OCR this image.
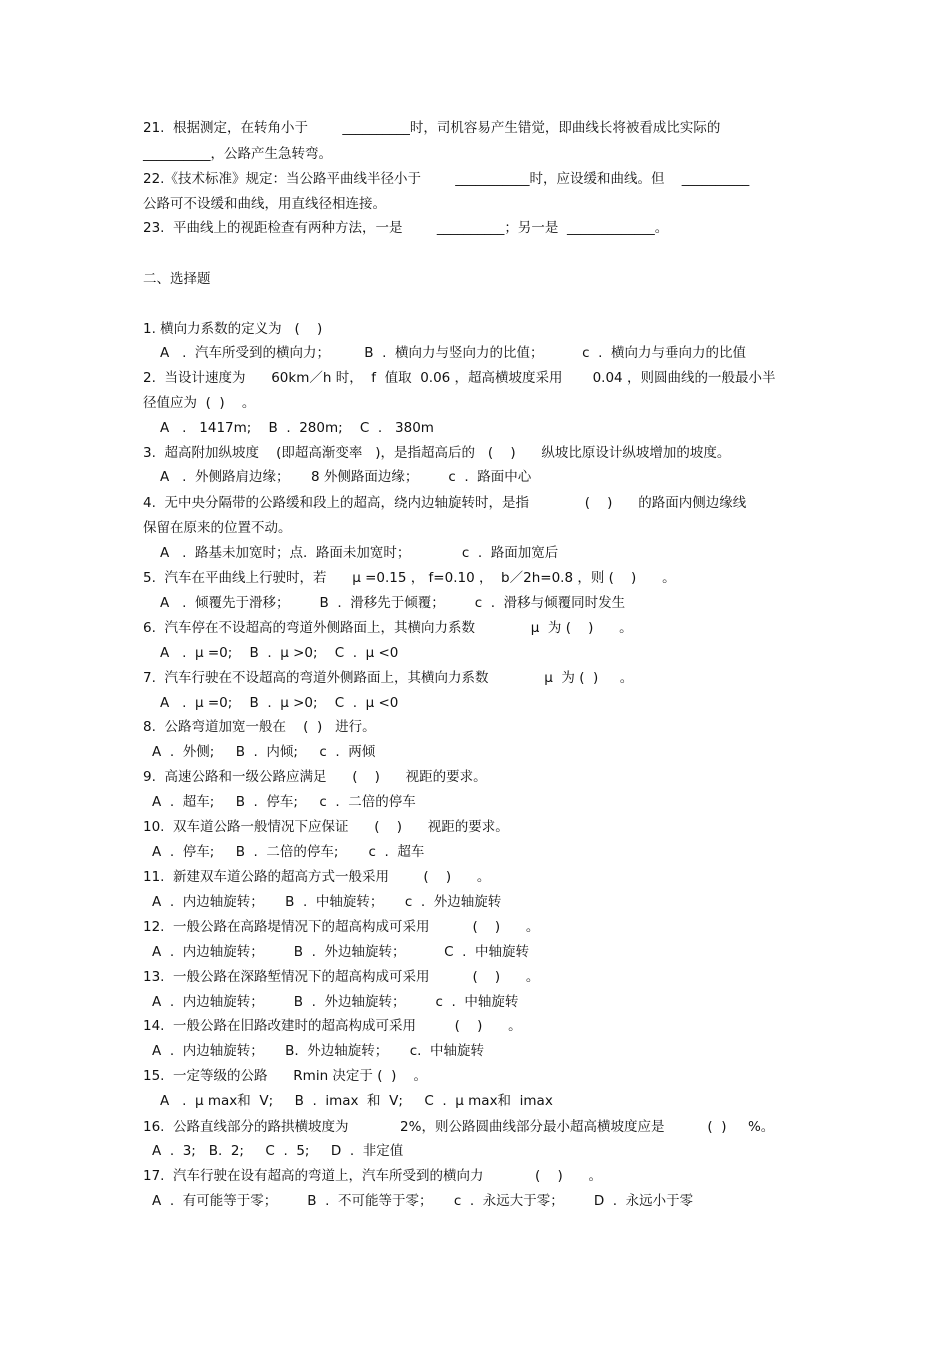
21.  根据测定，在转角小于        __________时，司机容易产生错觉，即曲线长将被看成比实际的
__________，公路产生急转弯。
22.《技术标准》规定：当公路平曲线半径小于        ___________时，应设缓和曲线。但    __________
公路可不设缓和曲线，用直线径相连接。
23.  平曲线上的视距检查有两种方法，一是        __________；另一是  _____________。
二、选择题
1. 横向力系数的定义为   (    )
A   .  汽车所受到的横向力；        B  .  横向力与竖向力的比值；         c  .  横向力与垂向力的比值
2.  当设计速度为      60km／h 时，  f  值取  0.06 ，超高横坡度采用       0.04 ，则圆曲线的一般最小半
径值应为  (  )    。
A   .   1417m;    B  .  280m;    C  .   380m
3.  超高附加纵坡度    (即超高渐变率   )，是指超高后的   (    )      纵坡比原设计纵坡增加的坡度。
A   .  外侧路肩边缘；     8 外侧路面边缘；       c  .  路面中心
4.  无中央分隔带的公路缓和段上的超高，绕内边轴旋转时，是指             (    )      的路面内侧边缘线
保留在原来的位置不动。
A   .  路基未加宽时；点.  路面未加宽时；            c  .  路面加宽后
5.  汽车在平曲线上行驶时，若      μ =0.15 ， f=0.10 ，  b／2h=0.8 ，则 (    )      。
A   .  倾覆先于滑移；       B  .  滑移先于倾覆；       c  .  滑移与倾覆同时发生
6.  汽车停在不设超高的弯道外侧路面上，其横向力系数             μ  为 (    )      。
A   .  μ =0;    B  .  μ >0;    C  .  μ <0
7.  汽车行驶在不设超高的弯道外侧路面上，其横向力系数             μ  为 (  )     。
A   .  μ =0;    B  .  μ >0;    C  .  μ <0
8.  公路弯道加宽一般在    (  )   进行。
A  .  外侧;     B  .  内倾;     c  .  两倾
9.  高速公路和一级公路应满足      (    )      视距的要求。
A  .  超车;     B  .  停车;     c  .  二倍的停车
10.  双车道公路一般情况下应保证      (    )      视距的要求。
A  .  停车;     B  .  二倍的停车;       c  .  超车
11.  新建双车道公路的超高方式一般采用        (    )      。
A  .  内边轴旋转；     B  .  中轴旋转；     c  .  外边轴旋转
12.  一般公路在高路堤情况下的超高构成可采用          (    )      。
A  .  内边轴旋转；       B  .  外边轴旋转；         C  .  中轴旋转
13.  一般公路在深路堑情况下的超高构成可采用          (    )      。
A  .  内边轴旋转；       B  .  外边轴旋转；       c  .  中轴旋转
14.  一般公路在旧路改建时的超高构成可采用         (    )      。
A  .  内边轴旋转；     B.  外边轴旋转；     c.  中轴旋转
15.  一定等级的公路      Rmin 决定于 (  )    。
A   .  μ max和  V;     B  .  imax  和  V;     C  .  μ max和  imax
16.  公路直线部分的路拱横坡度为            2%，则公路圆曲线部分最小超高横坡度应是          (  )     %。
A  .  3;   B.  2;     C  .  5;     D  .  非定值
17.  汽车行驶在设有超高的弯道上，汽车所受到的横向力            (    )      。
A  .  有可能等于零；       B  .  不可能等于零；     c  .  永远大于零；       D  .  永远小于零
